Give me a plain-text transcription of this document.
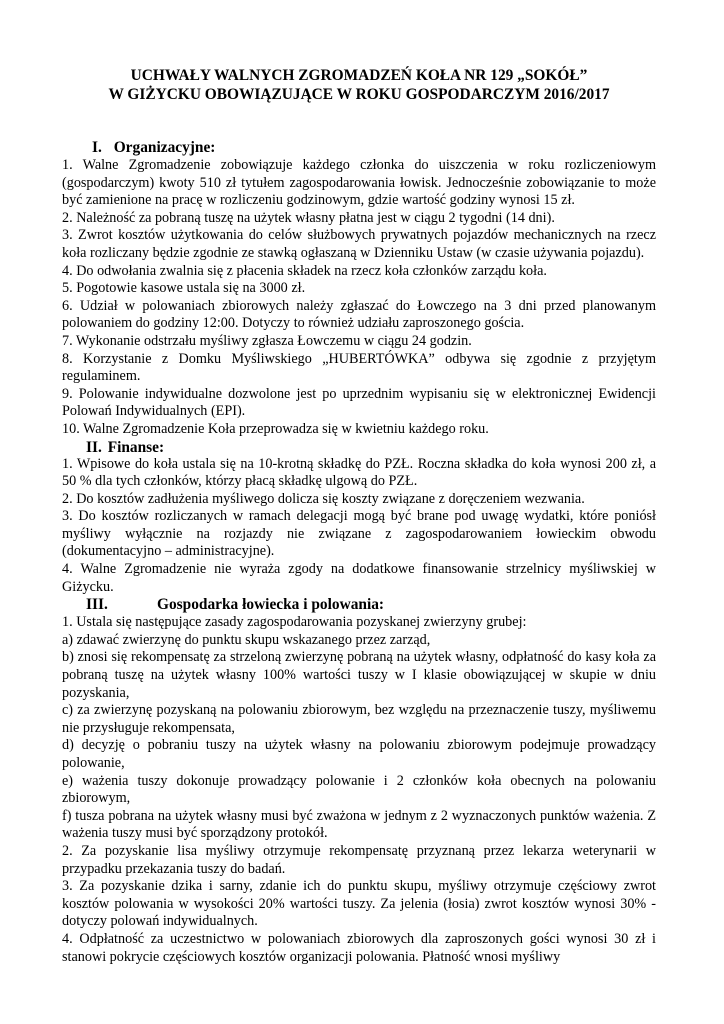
UCHWAŁY WALNYCH ZGROMADZEŃ KOŁA NR 129 „SOKÓŁ”
W GIŻYCKU OBOWIĄZUJĄCE W ROKU GOSPODARCZYM 2016/2017
I. Organizacyjne:

1. Walne Zgromadzenie zobowiązuje każdego członka do uiszczenia w roku rozliczeniowym (gospodarczym) kwoty 510 zł tytułem zagospodarowania łowisk. Jednocześnie zobowiązanie to może być zamienione na pracę w rozliczeniu godzinowym, gdzie wartość godziny wynosi 15 zł.

2. Należność za pobraną tuszę na użytek własny płatna jest w ciągu 2 tygodni (14 dni).

3. Zwrot kosztów użytkowania do celów służbowych prywatnych pojazdów mechanicznych na rzecz koła rozliczany będzie zgodnie ze stawką ogłaszaną w Dzienniku Ustaw (w czasie używania pojazdu).

4. Do odwołania zwalnia się z płacenia składek na rzecz koła członków zarządu koła.

5. Pogotowie kasowe ustala się na 3000 zł.

6. Udział w polowaniach zbiorowych należy zgłaszać do Łowczego na 3 dni przed planowanym polowaniem do godziny 12:00. Dotyczy to również udziału zaproszonego gościa.

7. Wykonanie odstrzału myśliwy zgłasza Łowczemu w ciągu 24 godzin.

8. Korzystanie z Domku Myśliwskiego „HUBERTÓWKA” odbywa się zgodnie z przyjętym regulaminem.

9. Polowanie indywidualne dozwolone jest po uprzednim wypisaniu się w elektronicznej Ewidencji Polowań Indywidualnych (EPI).

10. Walne Zgromadzenie Koła przeprowadza się w kwietniu każdego roku.

II. Finanse:

1. Wpisowe do koła ustala się na 10-krotną składkę do PZŁ. Roczna składka do koła wynosi 200 zł, a 50 % dla tych członków, którzy płacą składkę ulgową do PZŁ.

2. Do kosztów zadłużenia myśliwego dolicza się koszty związane z doręczeniem wezwania.

3. Do kosztów rozliczanych w ramach delegacji mogą być brane pod uwagę wydatki, które poniósł myśliwy wyłącznie na rozjazdy nie związane z zagospodarowaniem łowieckim obwodu (dokumentacyjno – administracyjne).

4. Walne Zgromadzenie nie wyraża zgody na dodatkowe finansowanie strzelnicy myśliwskiej w Giżycku.

III.	Gospodarka łowiecka i polowania:

1. Ustala się następujące zasady zagospodarowania pozyskanej zwierzyny grubej:

a) zdawać zwierzynę do punktu skupu wskazanego przez zarząd,

b) znosi się rekompensatę za strzeloną zwierzynę pobraną na użytek własny, odpłatność do kasy koła za pobraną tuszę na użytek własny 100% wartości tuszy w I klasie obowiązującej w skupie w dniu pozyskania,

c) za zwierzynę pozyskaną na polowaniu zbiorowym, bez względu na przeznaczenie tuszy, myśliwemu nie przysługuje rekompensata,

d) decyzję o pobraniu tuszy na użytek własny na polowaniu zbiorowym podejmuje prowadzący polowanie,

e) ważenia tuszy dokonuje prowadzący polowanie i 2 członków koła obecnych na polowaniu zbiorowym,

f) tusza pobrana na użytek własny musi być zważona w jednym z 2 wyznaczonych punktów ważenia. Z ważenia tuszy musi być sporządzony protokół.

2. Za pozyskanie lisa myśliwy otrzymuje rekompensatę przyznaną przez lekarza weterynarii w przypadku przekazania tuszy do badań.

3. Za pozyskanie dzika i sarny, zdanie ich do punktu skupu, myśliwy otrzymuje częściowy zwrot kosztów polowania w wysokości 20% wartości tuszy. Za jelenia (łosia) zwrot kosztów wynosi 30% - dotyczy polowań indywidualnych.

4. Odpłatność za uczestnictwo w polowaniach zbiorowych dla zaproszonych gości wynosi 30 zł i stanowi pokrycie częściowych kosztów organizacji polowania. Płatność wnosi myśliwy
